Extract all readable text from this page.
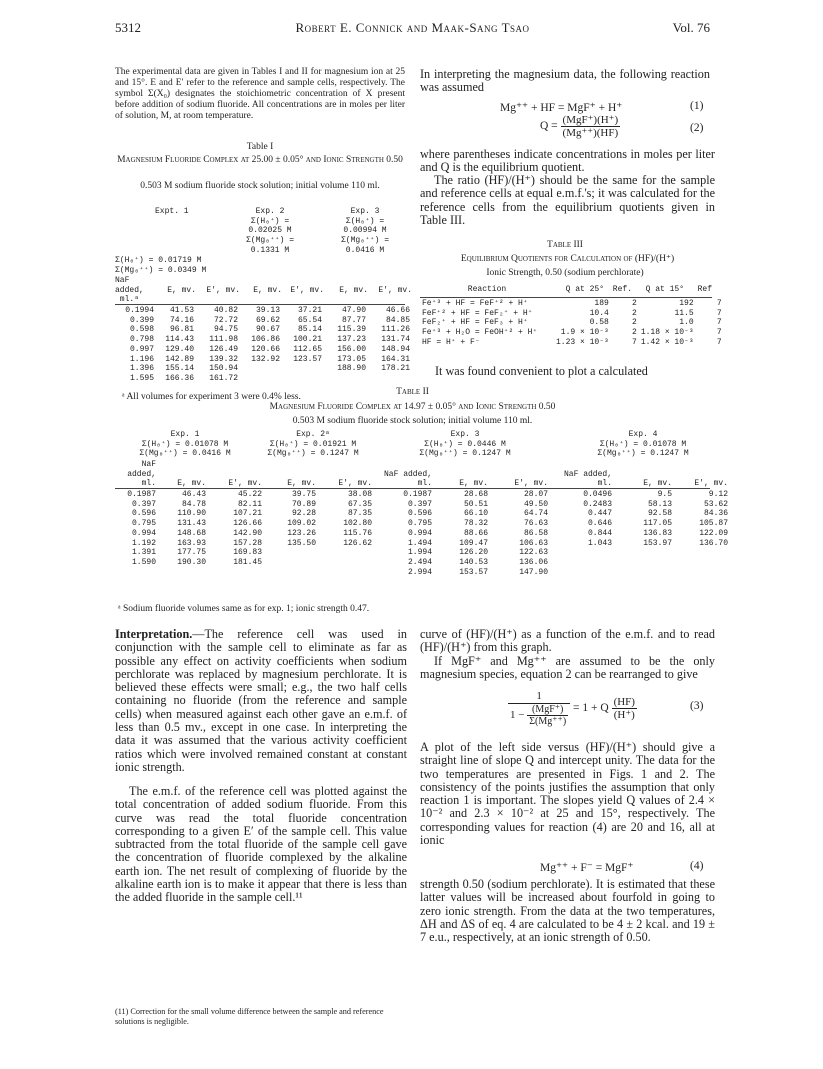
5312	Robert E. Connick and Maak-Sang Tsao	Vol. 76
The experimental data are given in Tables I and II for magnesium ion at 25 and 15°. E and E′ refer to the reference and sample cells, respectively. The symbol Σ(X₀) designates the stoichiometric concentration of X present before addition of sodium fluoride. All concentrations are in moles per liter of solution, M, at room temperature.
Table I
Magnesium Fluoride Complex at 25.00 ± 0.05° and Ionic Strength 0.50
0.503 M sodium fluoride stock solution; initial volume 110 ml.
Expt. 1
Σ(H₀⁺) = 0.01719 M
Σ(Mg₀⁺⁺) = 0.0349 M
Exp. 2
Σ(H₀⁺) =
0.02025 M
Σ(Mg₀⁺⁺) =
0.1331 M
Exp. 3
Σ(H₀⁺) =
0.00994 M
Σ(Mg₀⁺⁺) =
0.0416 M
NaF
added,
ml.ᵃ
E, mv.	E′, mv.	E, mv.	E′, mv.	E, mv.	E′, mv.
0.1994	41.53	40.82	39.13	37.21	47.90	46.66
0.399	74.16	72.72	69.62	65.54	87.77	84.85
0.598	96.81	94.75	90.67	85.14	115.39	111.26
0.798	114.43	111.98	106.86	100.21	137.23	131.74
0.997	129.40	126.49	120.66	112.65	156.00	148.94
1.196	142.89	139.32	132.92	123.57	173.05	164.31
1.396	155.14	150.94			188.90	178.21
1.595	166.36	161.72				
ᵃ All volumes for experiment 3 were 0.4% less.
In interpreting the magnesium data, the following reaction was assumed
Mg⁺⁺ + HF = MgF⁺ + H⁺	(1)
$Q = \frac{\text{(MgF⁺)(H⁺)}}{(Mg^{++})(HF)}$	(2)
where parentheses indicate concentrations in moles per liter and Q is the equilibrium quotient.
The ratio (HF)/(H⁺) should be the same for the sample and reference cells at equal e.m.f.'s; it was calculated for the reference cells from the equilibrium quotients given in Table III.
Table III
Equilibrium Quotients for Calculation of (HF)/(H⁺)
Ionic Strength, 0.50 (sodium perchlorate)
Reaction	Q at 25°	Ref.	Q at 15°	Ref
Fe⁺³ + HF = FeF⁺² + H⁺	189	2	192	7
FeF⁺² + HF = FeF₂⁺ + H⁺	10.4	2	11.5	7
FeF₂⁺ + HF = FeF₃ + H⁺	0.58	2	1.0	7
Fe⁺³ + H₂O = FeOH⁺² + H⁺	1.9 × 10⁻³	2	1.18 × 10⁻³	7
HF = H⁺ + F⁻	1.23 × 10⁻³	7	1.42 × 10⁻³	7
It was found convenient to plot a calculated
Table II
Magnesium Fluoride Complex at 14.97 ± 0.05° and Ionic Strength 0.50
0.503 M sodium fluoride stock solution; initial volume 110 ml.
Exp. 1
Σ(H₀⁺) = 0.01078 M
Σ(Mg₀⁺⁺) = 0.0416 M
Exp. 2ᵃ
Σ(H₀⁺) = 0.01921 M
Σ(Mg₀⁺⁺) = 0.1247 M
Exp. 3
Σ(H₀⁺) = 0.0446 M
Σ(Mg₀⁺⁺) = 0.1247 M
Exp. 4
Σ(H₀⁺) = 0.01078 M
Σ(Mg₀⁺⁺) = 0.1247 M
NaF added, ml.	E, mv.	E′, mv.	E, mv.	E′, mv.	NaF added, ml.	E, mv.	E′, mv.	NaF added, ml.	E, mv.	E′, mv.
0.1987	46.43	45.22	39.75	38.08	0.1987	28.68	28.07	0.0496	9.5	9.12
0.397	84.78	82.11	70.89	67.35	0.397	50.51	49.50	0.2483	58.13	53.62
0.596	110.90	107.21	92.28	87.35	0.596	66.10	64.74	0.447	92.58	84.36
0.795	131.43	126.66	109.02	102.80	0.795	78.32	76.63	0.646	117.05	105.87
0.994	148.68	142.90	123.26	115.76	0.994	88.66	86.58	0.844	136.83	122.09
1.192	163.93	157.28	135.50	126.62	1.494	109.47	106.63	1.043	153.97	136.70
1.391	177.75	169.83			1.994	126.20	122.63			
1.590	190.30	181.45			2.494	140.53	136.06			
					2.994	153.57	147.90			
ᵃ Sodium fluoride volumes same as for exp. 1; ionic strength 0.47.
Interpretation.—The reference cell was used in conjunction with the sample cell to eliminate as far as possible any effect on activity coefficients when sodium perchlorate was replaced by magnesium perchlorate. It is believed these effects were small; e.g., the two half cells containing no fluoride (from the reference and sample cells) when measured against each other gave an e.m.f. of less than 0.5 mv., except in one case. In interpreting the data it was assumed that the various activity coefficient ratios which were involved remained constant at constant ionic strength.
The e.m.f. of the reference cell was plotted against the total concentration of added sodium fluoride. From this curve was read the total fluoride concentration corresponding to a given E′ of the sample cell. This value subtracted from the total fluoride of the sample cell gave the concentration of fluoride complexed by the alkaline earth ion. The net result of complexing of fluoride by the alkaline earth ion is to make it appear that there is less than the added fluoride in the sample cell.¹¹
(11) Correction for the small volume difference between the sample and reference solutions is negligible.
curve of (HF)/(H⁺) as a function of the e.m.f. and to read (HF)/(H⁺) from this graph.
If MgF⁺ and Mg⁺⁺ are assumed to be the only magnesium species, equation 2 can be rearranged to give
$\frac{1}{1 - \frac{\text{(MgF⁺)}}{\Sigma(Mg^{++})}} = 1 + Q \frac{(HF)}{(H^+)}$	(3)
A plot of the left side versus (HF)/(H⁺) should give a straight line of slope Q and intercept unity. The data for the two temperatures are presented in Figs. 1 and 2. The consistency of the points justifies the assumption that only reaction 1 is important. The slopes yield Q values of 2.4 × 10⁻² and 2.3 × 10⁻² at 25 and 15°, respectively. The corresponding values for reaction (4) are 20 and 16, all at ionic
Mg⁺⁺ + F⁻ = MgF⁺	(4)
strength 0.50 (sodium perchlorate). It is estimated that these latter values will be increased about fourfold in going to zero ionic strength. From the data at the two temperatures, ΔH and ΔS of eq. 4 are calculated to be 4 ± 2 kcal. and 19 ± 7 e.u., respectively, at an ionic strength of 0.50.
